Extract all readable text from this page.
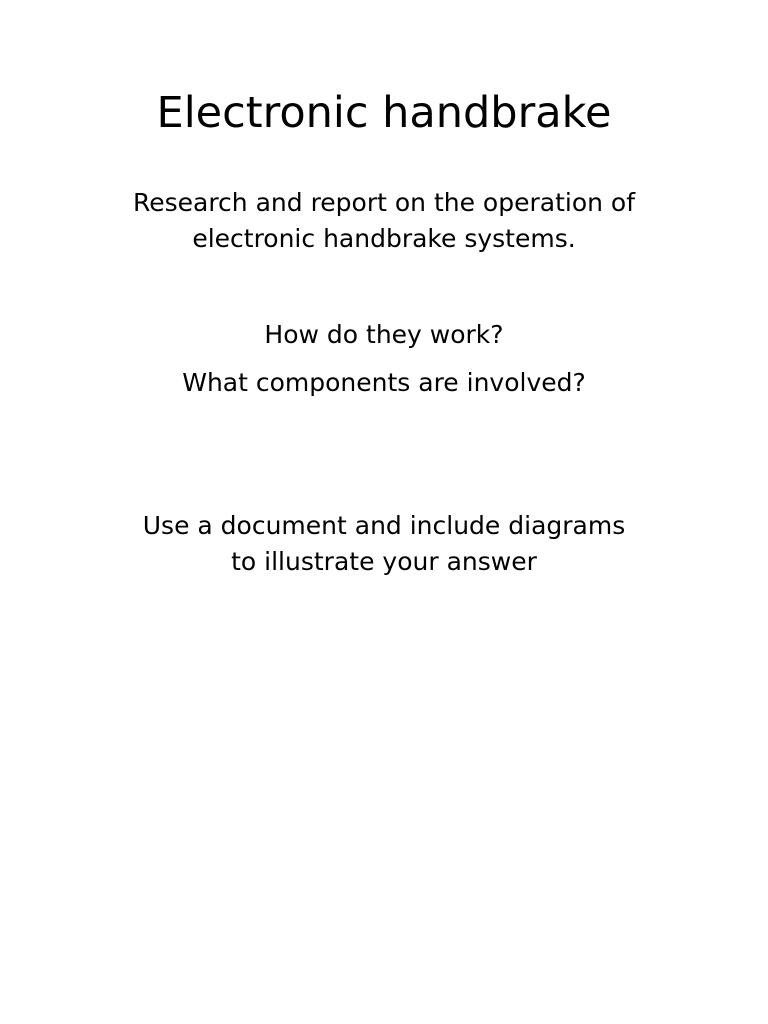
Electronic handbrake

Research and report on the operation of

electronic handbrake systems.

How do they work?

What components are involved?

Use a document and include diagrams

to illustrate your answer
